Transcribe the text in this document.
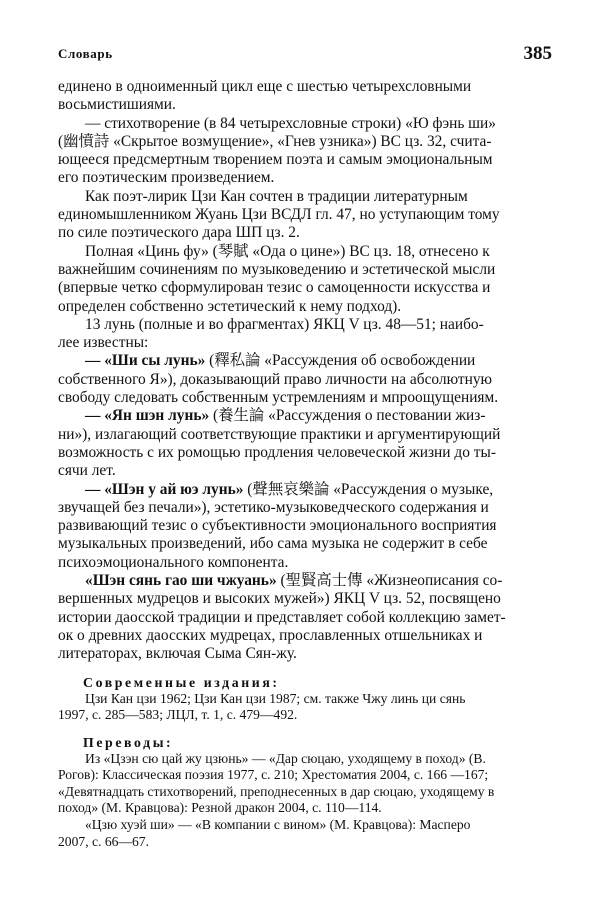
Словарь	385

единено в одноименный цикл еще с шестью четырехсловными
восьмистишиями.

— стихотворение (в 84 четырехсловные строки) «Ю фэнь ши»
(幽憤詩 «Скрытое возмущение», «Гнев узника») ВС цз. 32, счита-
ющееся предсмертным творением поэта и самым эмоциональным
его поэтическим произведением.

Как поэт-лирик Цзи Кан сочтен в традиции литературным
единомышленником Жуань Цзи ВСДЛ гл. 47, но уступающим тому
по силе поэтического дара ШП цз. 2.

Полная «Цинь фу» (琴賦 «Ода о цине») ВС цз. 18, отнесено к
важнейшим сочинениям по музыковедению и эстетической мысли
(впервые четко сформулирован тезис о самоценности искусства и
определен собственно эстетический к нему подход).

13 лунь (полные и во фрагментах) ЯКЦ V цз. 48—51; наибо-
лее известны:

— «Ши сы лунь» (釋私論 «Рассуждения об освобождении
собственного Я»), доказывающий право личности на абсолютную
свободу следовать собственным устремлениям и мпроощущениям.

— «Ян шэн лунь» (養生論 «Рассуждения о пестовании жиз-
ни»), излагающий соответствующие практики и аргументирующий
возможность с их ромощью продления человеческой жизни до ты-
сячи лет.

— «Шэн у ай юэ лунь» (聲無哀樂論 «Рассуждения о музыке,
звучащей без печали»), эстетико-музыковедческого содержания и
развивающий тезис о субъективности эмоционального восприятия
музыкальных произведений, ибо сама музыка не содержит в себе
психоэмоционального компонента.

«Шэн сянь гао ши чжуань» (聖賢高士傳 «Жизнеописания со-
вершенных мудрецов и высоких мужей») ЯКЦ V цз. 52, посвящено
истории даосской традиции и представляет собой коллекцию замет-
ок о древних даосских мудрецах, прославленных отшельниках и
литераторах, включая Сыма Сян-жу.

Современные издания:

Цзи Кан цзи 1962; Цзи Кан цзи 1987; см. также Чжу линь ци сянь
1997, с. 285—583; ЛЦЛ, т. 1, с. 479—492.

Переводы:

Из «Цзэн сю цай жу цзюнь» — «Дар сюцаю, уходящему в поход» (В.
Рогов): Классическая поэзия 1977, с. 210; Хрестоматия 2004, с. 166 —167;
«Девятнадцать стихотворений, преподнесенных в дар сюцаю, уходящему в
поход» (М. Кравцова): Резной дракон 2004, с. 110—114.

«Цзю хуэй ши» — «В компании с вином» (М. Кравцова): Масперо
2007, с. 66—67.
